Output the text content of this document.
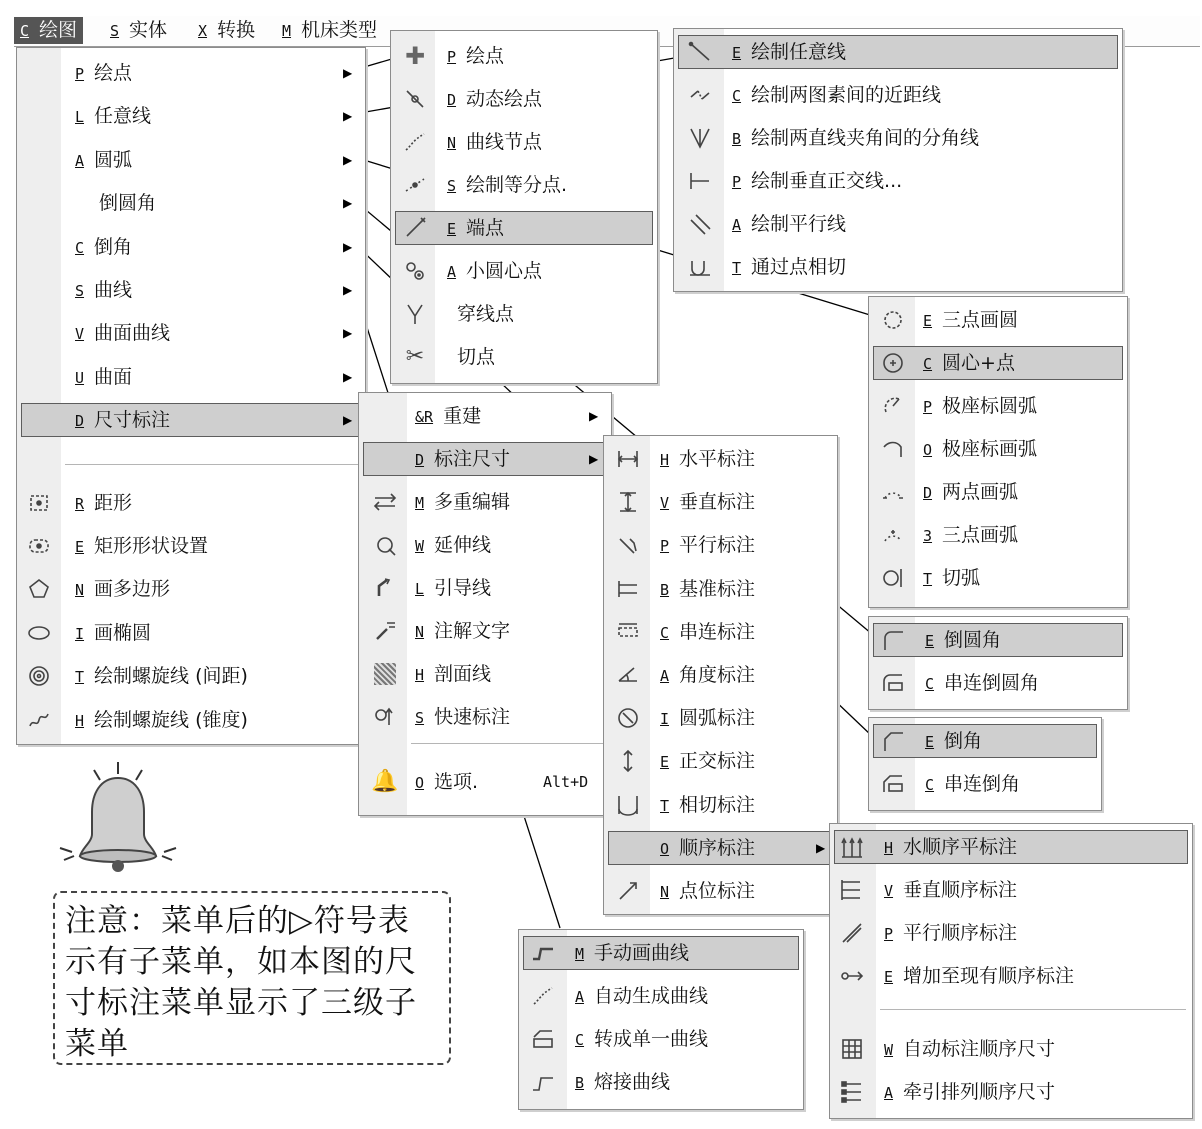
C 绘图	S 实体	X 转换	M 机床类型
P 绘点	▶
L 任意线	▶
A 圆弧	▶
倒圆角	▶
C 倒角	▶
S 曲线	▶
V 曲面曲线	▶
U 曲面	▶
D 尺寸标注	▶
R 距形
E 矩形形状设置
N 画多边形
I 画椭圆
T 绘制螺旋线 (间距)
H 绘制螺旋线 (锥度)
&R 重建	▶
D 标注尺寸	▶
M 多重编辑
W 延伸线
L 引导线
N 注解文字
H 剖面线
S 快速标注
🔔 O 选项.	Alt+D
✚ P 绘点
D 动态绘点
N 曲线节点
S 绘制等分点.
E 端点
A 小圆心点
穿线点
✂	切点
E 绘制任意线
C 绘制两图素间的近距线
B 绘制两直线夹角间的分角线
P 绘制垂直正交线...
A 绘制平行线
T 通过点相切
E 三点画圆
C 圆心+点
P 极座标圆弧
O 极座标画弧
D 两点画弧
3 三点画弧
T 切弧
E 倒圆角
C 串连倒圆角
E 倒角
C 串连倒角
H 水平标注
V 垂直标注
P 平行标注
B 基准标注
C 串连标注
A 角度标注
I 圆弧标注
E 正交标注
T 相切标注
O 顺序标注	▶
N 点位标注
H 水顺序平标注
V 垂直顺序标注
P 平行顺序标注
E 增加至现有顺序标注
W 自动标注顺序尺寸
A 牵引排列顺序尺寸
M 手动画曲线
A 自动生成曲线
C 转成单一曲线
B 熔接曲线
注意：菜单后的▷符号表示有子菜单，如本图的尺寸标注菜单显示了三级子菜单
